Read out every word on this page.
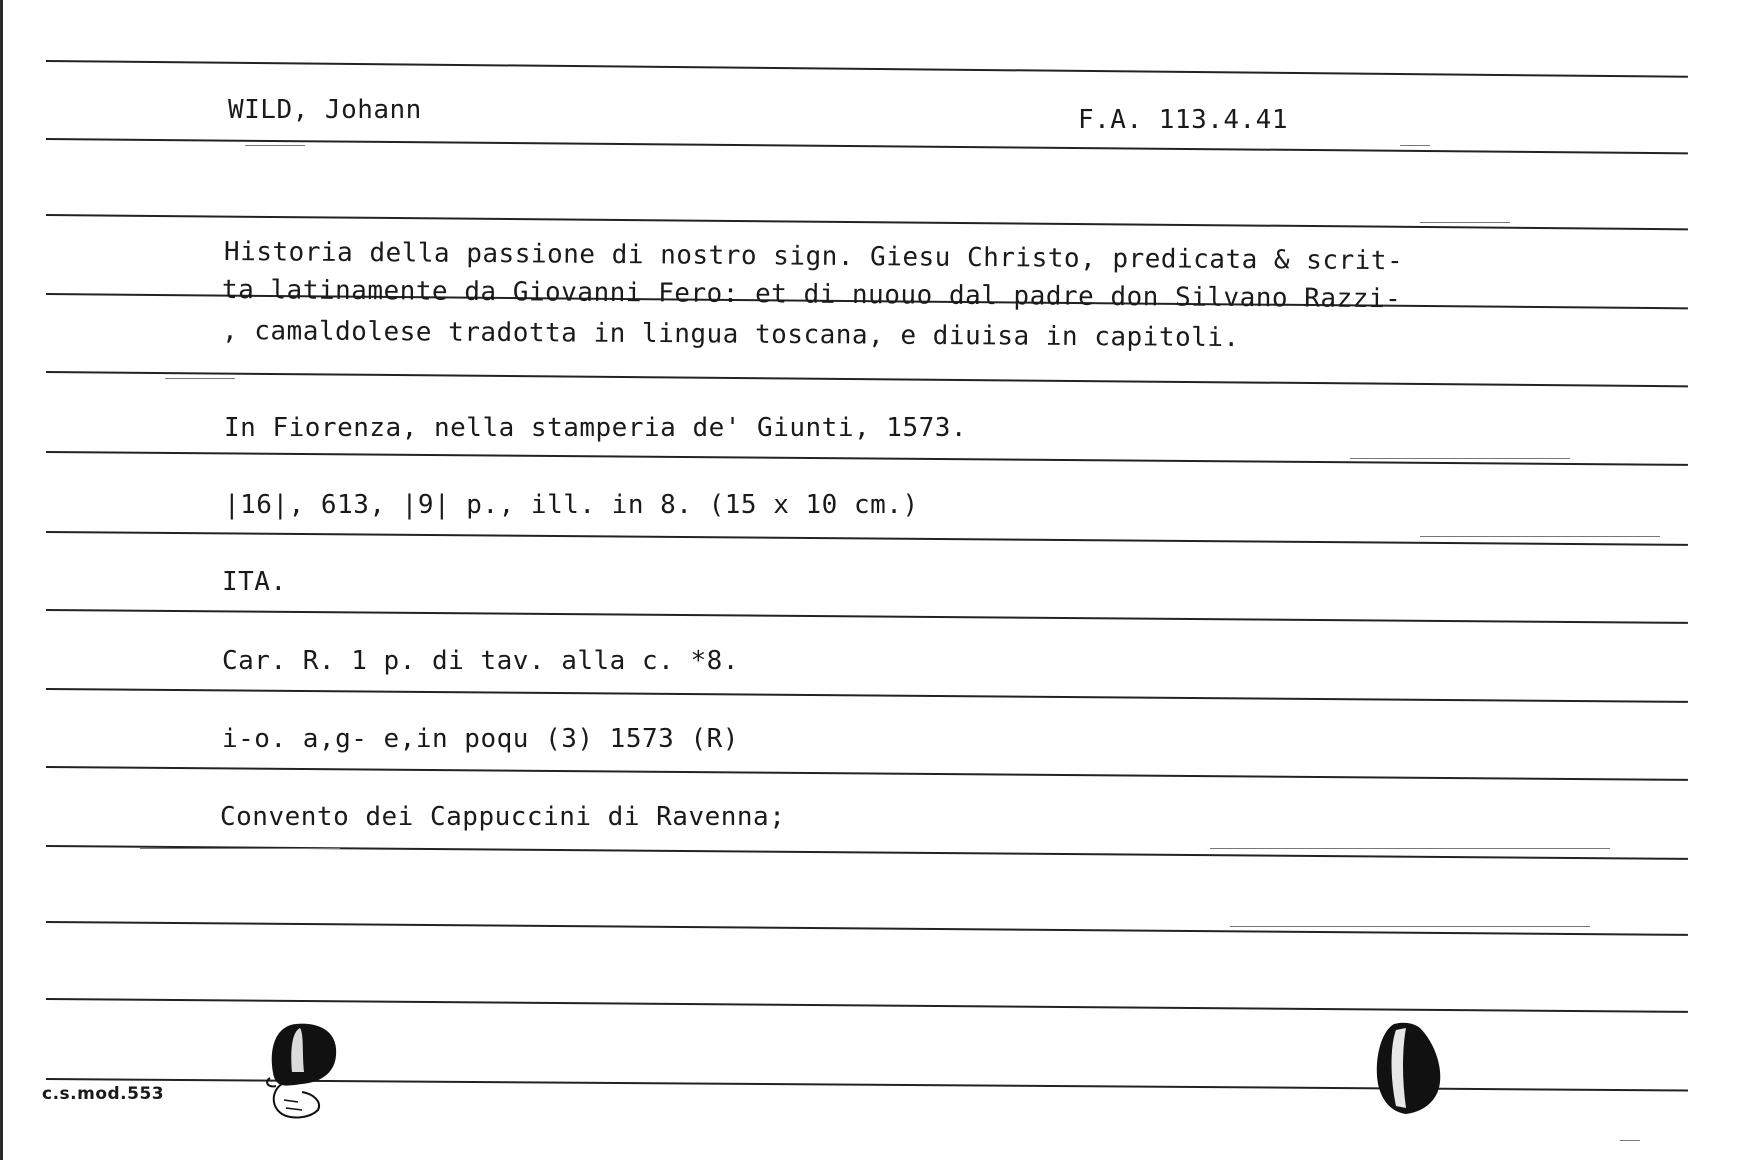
WILD, Johann	F.A. 113.4.41
Historia della passione di nostro sign. Giesu Christo, predicata & scrit-
ta latinamente da Giovanni Fero: et di nuouo dal padre don Silvano Razzi-
, camaldolese tradotta in lingua toscana, e diuisa in capitoli.
In Fiorenza, nella stamperia de' Giunti, 1573.
|16|, 613, |9| p., ill. in 8. (15 x 10 cm.)
ITA.
Car. R. 1 p. di tav. alla c. *8.
i-o. a,g- e,in poqu (3) 1573 (R)
Convento dei Cappuccini di Ravenna;
c.s.mod.553
